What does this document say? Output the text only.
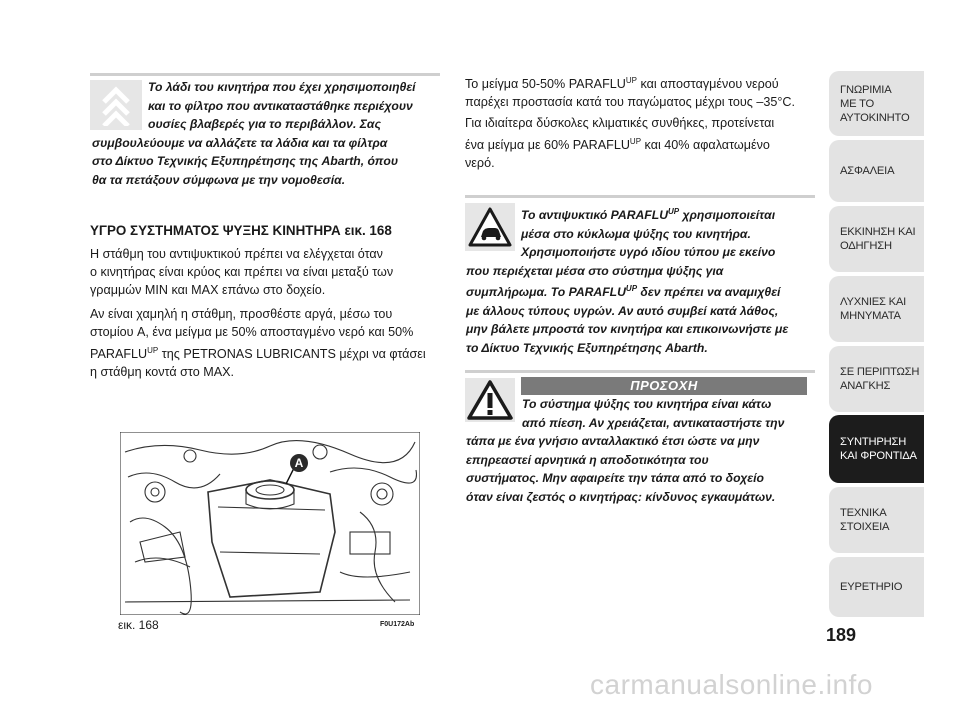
Το λάδι του κινητήρα που έχει χρησιμοποιηθεί
και το φίλτρο που αντικαταστάθηκε περιέχουν
ουσίες βλαβερές για το περιβάλλον. Σας
συμβουλεύουμε να αλλάζετε τα λάδια και τα φίλτρα
στο Δίκτυο Τεχνικής Εξυπηρέτησης της Abarth, όπου
θα τα πετάξουν σύμφωνα με την νομοθεσία.
ΥΓΡΟ ΣΥΣΤΗΜΑΤΟΣ ΨΥΞΗΣ ΚΙΝΗΤΗΡΑ εικ. 168
Η στάθμη του αντιψυκτικού πρέπει να ελέγχεται όταν
ο κινητήρας είναι κρύος και πρέπει να είναι μεταξύ των
γραμμών MIN και MAX επάνω στο δοχείο.
Αν είναι χαμηλή η στάθμη, προσθέστε αργά, μέσω του
στομίου A, ένα μείγμα με 50% αποσταγμένο νερό και 50%
$PARAFLU^{UP}$ της PETRONAS LUBRICANTS μέχρι να φτάσει
η στάθμη κοντά στο MAX.
A
εικ. 168	F0U172Ab
Το μείγμα 50-50% $PARAFLU^{UP}$ και αποσταγμένου νερού
παρέχει προστασία κατά του παγώματος μέχρι τους –35°C.
Για ιδιαίτερα δύσκολες κλιματικές συνθήκες, προτείνεται
ένα μείγμα με 60% $PARAFLU^{UP}$ και 40% αφαλατωμένο
νερό.
Το αντιψυκτικό $PARAFLU^{UP}$ χρησιμοποιείται
μέσα στο κύκλωμα ψύξης του κινητήρα.
Χρησιμοποιήστε υγρό ιδίου τύπου με εκείνο
που περιέχεται μέσα στο σύστημα ψύξης για
συμπλήρωμα. Το $PARAFLU^{UP}$ δεν πρέπει να αναμιχθεί
με άλλους τύπους υγρών. Αν αυτό συμβεί κατά λάθος,
μην βάλετε μπροστά τον κινητήρα και επικοινωνήστε με
το Δίκτυο Τεχνικής Εξυπηρέτησης Abarth.
ΠΡΟΣΟΧΗ
Το σύστημα ψύξης του κινητήρα είναι κάτω
από πίεση. Αν χρειάζεται, αντικαταστήστε την
τάπα με ένα γνήσιο ανταλλακτικό έτσι ώστε να μην
επηρεαστεί αρνητικά η αποδοτικότητα του
συστήματος. Μην αφαιρείτε την τάπα από το δοχείο
όταν είναι ζεστός ο κινητήρας: κίνδυνος εγκαυμάτων.
ΓΝΩΡΙΜΙΑ
ΜΕ ΤΟ
ΑΥΤΟΚΙΝΗΤΟ
ΑΣΦΑΛΕΙΑ
ΕΚΚΙΝΗΣΗ ΚΑΙ
ΟΔΗΓΗΣΗ
ΛΥΧΝΙΕΣ ΚΑΙ
ΜΗΝΥΜΑΤΑ
ΣΕ ΠΕΡΙΠΤΩΣΗ
ΑΝΑΓΚΗΣ
ΣΥΝΤΗΡΗΣΗ
ΚΑΙ ΦΡΟΝΤΙΔΑ
ΤΕΧΝΙΚΑ
ΣΤΟΙΧΕΙΑ
ΕΥΡΕΤΗΡΙΟ
189
carmanualsonline.info
